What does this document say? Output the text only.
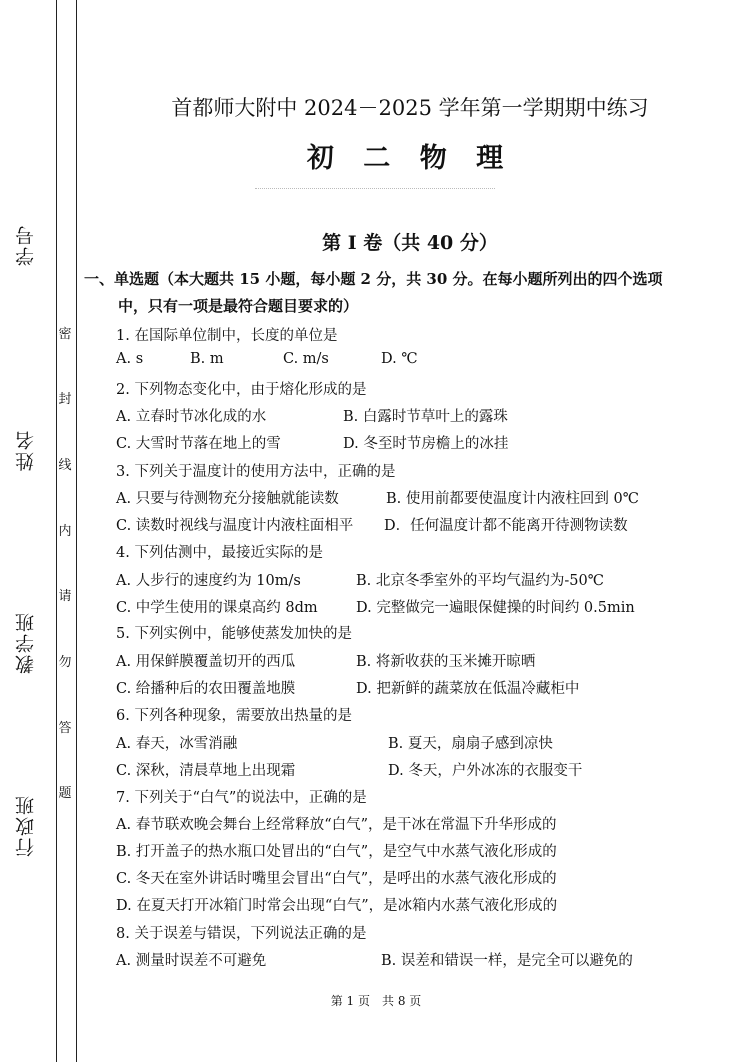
学号
姓名
教学班
行政班
密
封
线
内
请
勿
答
题
首都师大附中 2024－2025 学年第一学期期中练习
初 二 物 理
第 I 卷（共 40 分）
一、单选题（本大题共 15 小题，每小题 2 分，共 30 分。在每小题所列出的四个选项
中，只有一项是最符合题目要求的）
1. 在国际单位制中，长度的单位是
A. s	B. m	C. m/s	D. ℃
2. 下列物态变化中，由于熔化形成的是
A. 立春时节冰化成的水	B. 白露时节草叶上的露珠
C. 大雪时节落在地上的雪	D. 冬至时节房檐上的冰挂
3. 下列关于温度计的使用方法中，正确的是
A. 只要与待测物充分接触就能读数	B. 使用前都要使温度计内液柱回到 0℃
C. 读数时视线与温度计内液柱面相平 D．任何温度计都不能离开待测物读数
4. 下列估测中，最接近实际的是
A. 人步行的速度约为 10m/s	B. 北京冬季室外的平均气温约为-50℃
C. 中学生使用的课桌高约 8dm	D. 完整做完一遍眼保健操的时间约 0.5min
5. 下列实例中，能够使蒸发加快的是
A. 用保鲜膜覆盖切开的西瓜	B. 将新收获的玉米摊开晾晒
C. 给播种后的农田覆盖地膜	D. 把新鲜的蔬菜放在低温冷藏柜中
6. 下列各种现象，需要放出热量的是
A. 春天，冰雪消融	B. 夏天，扇扇子感到凉快
C. 深秋，清晨草地上出现霜	D. 冬天，户外冰冻的衣服变干
7. 下列关于“白气”的说法中，正确的是
A. 春节联欢晚会舞台上经常释放“白气”，是干冰在常温下升华形成的
B. 打开盖子的热水瓶口处冒出的“白气”，是空气中水蒸气液化形成的
C. 冬天在室外讲话时嘴里会冒出“白气”，是呼出的水蒸气液化形成的
D. 在夏天打开冰箱门时常会出现“白气”，是冰箱内水蒸气液化形成的
8. 关于误差与错误，下列说法正确的是
A. 测量时误差不可避免	B. 误差和错误一样，是完全可以避免的
第 1 页　共 8 页
